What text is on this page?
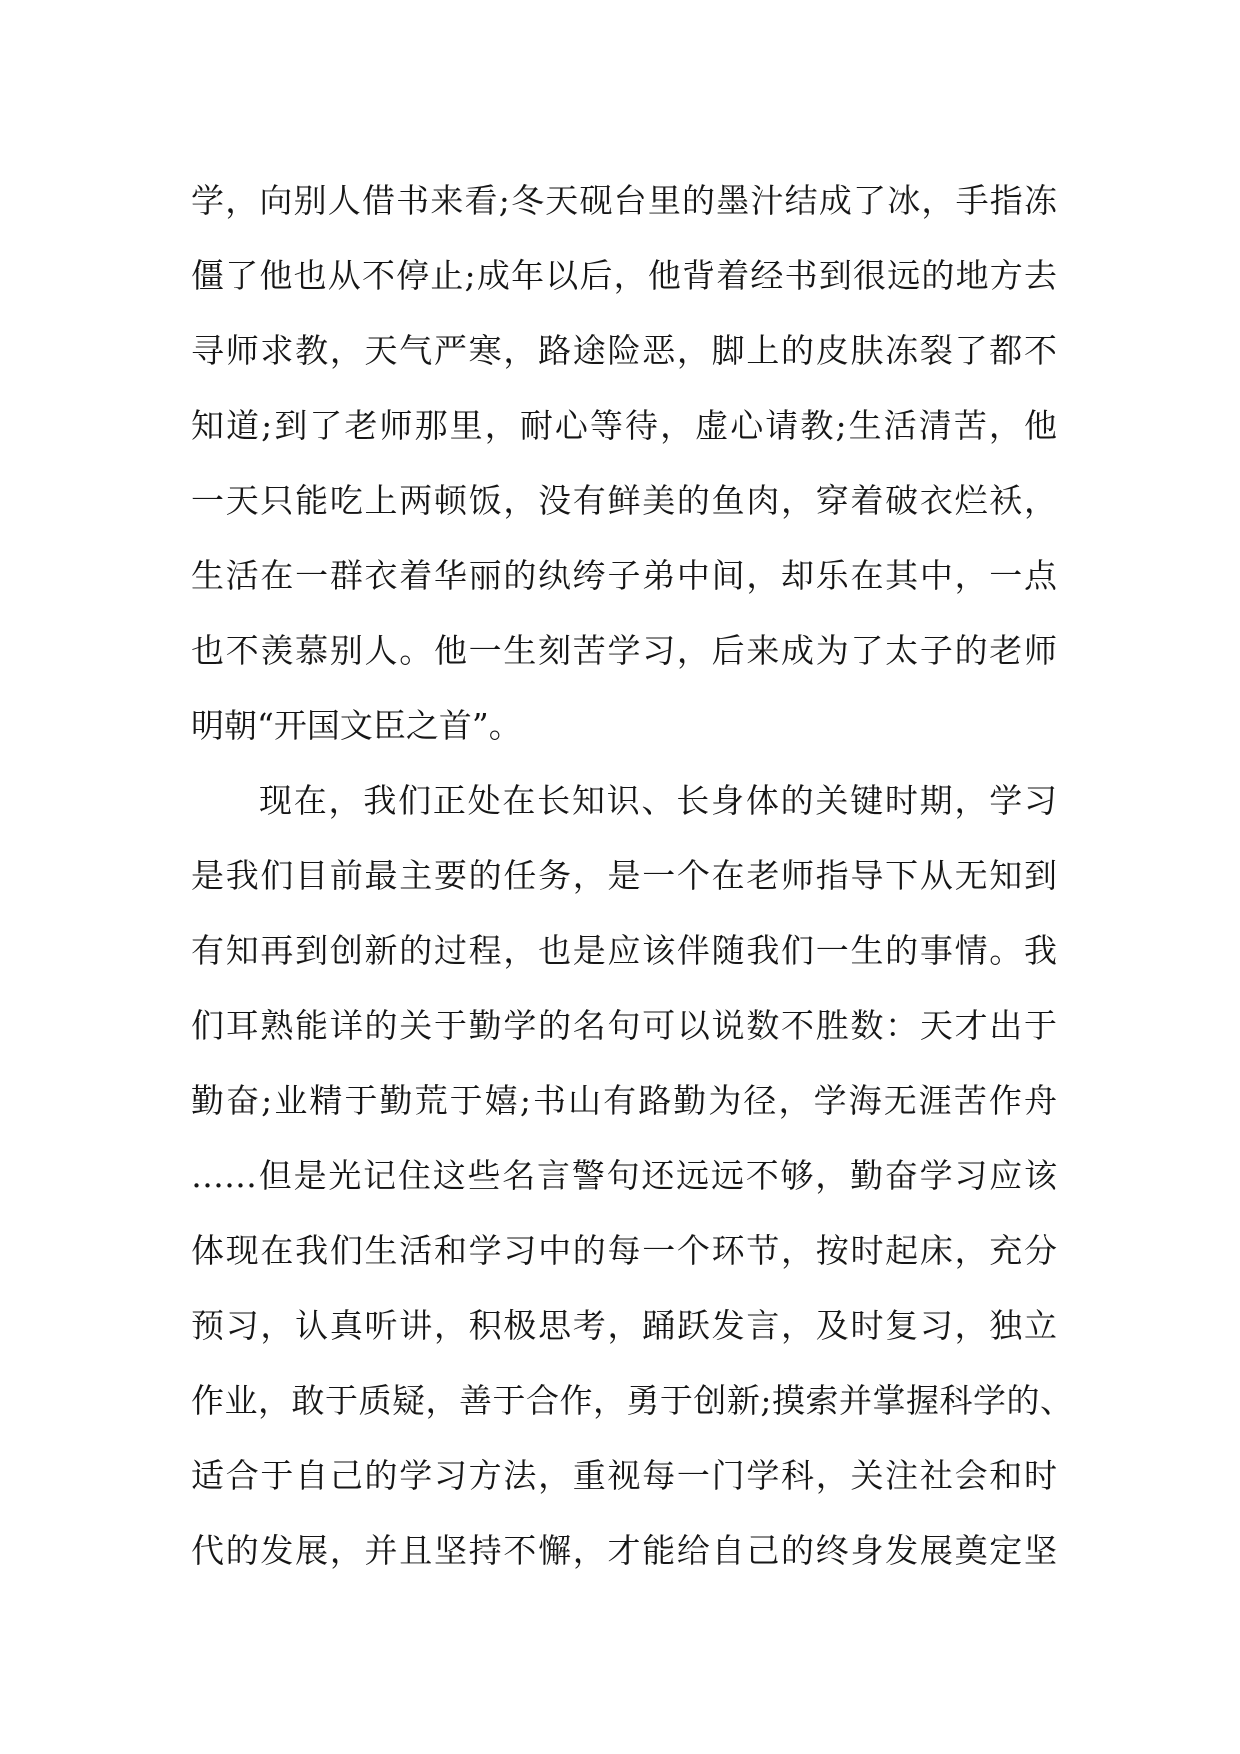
学，向别人借书来看;冬天砚台里的墨汁结成了冰，手指冻
僵了他也从不停止;成年以后，他背着经书到很远的地方去
寻师求教，天气严寒，路途险恶，脚上的皮肤冻裂了都不
知道;到了老师那里，耐心等待，虚心请教;生活清苦，他
一天只能吃上两顿饭，没有鲜美的鱼肉，穿着破衣烂袄，
生活在一群衣着华丽的纨绔子弟中间，却乐在其中，一点
也不羡慕别人。他一生刻苦学习，后来成为了太子的老师
明朝“开国文臣之首”。
现在，我们正处在长知识、长身体的关键时期，学习
是我们目前最主要的任务，是一个在老师指导下从无知到
有知再到创新的过程，也是应该伴随我们一生的事情。我
们耳熟能详的关于勤学的名句可以说数不胜数：天才出于
勤奋;业精于勤荒于嬉;书山有路勤为径，学海无涯苦作舟
……但是光记住这些名言警句还远远不够，勤奋学习应该
体现在我们生活和学习中的每一个环节，按时起床，充分
预习，认真听讲，积极思考，踊跃发言，及时复习，独立
作业，敢于质疑，善于合作，勇于创新;摸索并掌握科学的、
适合于自己的学习方法，重视每一门学科，关注社会和时
代的发展，并且坚持不懈，才能给自己的终身发展奠定坚
